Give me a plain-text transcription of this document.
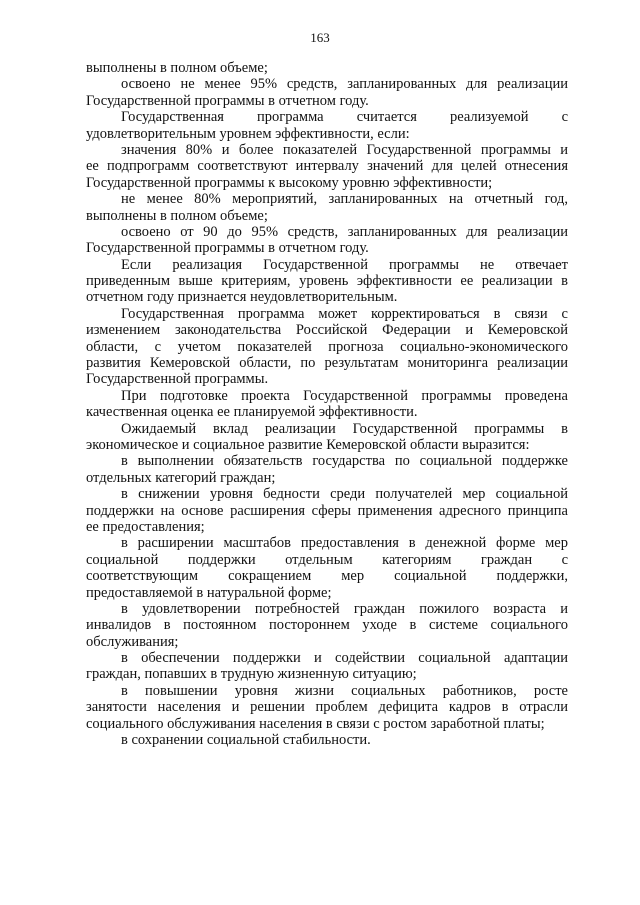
163
выполнены в полном объеме;
освоено не менее 95% средств, запланированных для реализации
Государственной программы в отчетном году.
Государственная программа считается реализуемой с
удовлетворительным уровнем эффективности, если:
значения 80% и более показателей Государственной программы и
ее подпрограмм соответствуют интервалу значений для целей отнесения
Государственной программы к высокому уровню эффективности;
не менее 80% мероприятий, запланированных на отчетный год,
выполнены в полном объеме;
освоено от 90 до 95% средств, запланированных для реализации
Государственной программы в отчетном году.
Если реализация Государственной программы не отвечает
приведенным выше критериям, уровень эффективности ее реализации в
отчетном году признается неудовлетворительным.
Государственная программа может корректироваться в связи с
изменением законодательства Российской Федерации и Кемеровской
области, с учетом показателей прогноза социально-экономического
развития Кемеровской области, по результатам мониторинга реализации
Государственной программы.
При подготовке проекта Государственной программы проведена
качественная оценка ее планируемой эффективности.
Ожидаемый вклад реализации Государственной программы в
экономическое и социальное развитие Кемеровской области выразится:
в выполнении обязательств государства по социальной поддержке
отдельных категорий граждан;
в снижении уровня бедности среди получателей мер социальной
поддержки на основе расширения сферы применения адресного принципа
ее предоставления;
в расширении масштабов предоставления в денежной форме мер
социальной поддержки отдельным категориям граждан с
соответствующим сокращением мер социальной поддержки,
предоставляемой в натуральной форме;
в удовлетворении потребностей граждан пожилого возраста и
инвалидов в постоянном постороннем уходе в системе социального
обслуживания;
в обеспечении поддержки и содействии социальной адаптации
граждан, попавших в трудную жизненную ситуацию;
в повышении уровня жизни социальных работников, росте
занятости населения и решении проблем дефицита кадров в отрасли
социального обслуживания населения в связи с ростом заработной платы;
в сохранении социальной стабильности.
